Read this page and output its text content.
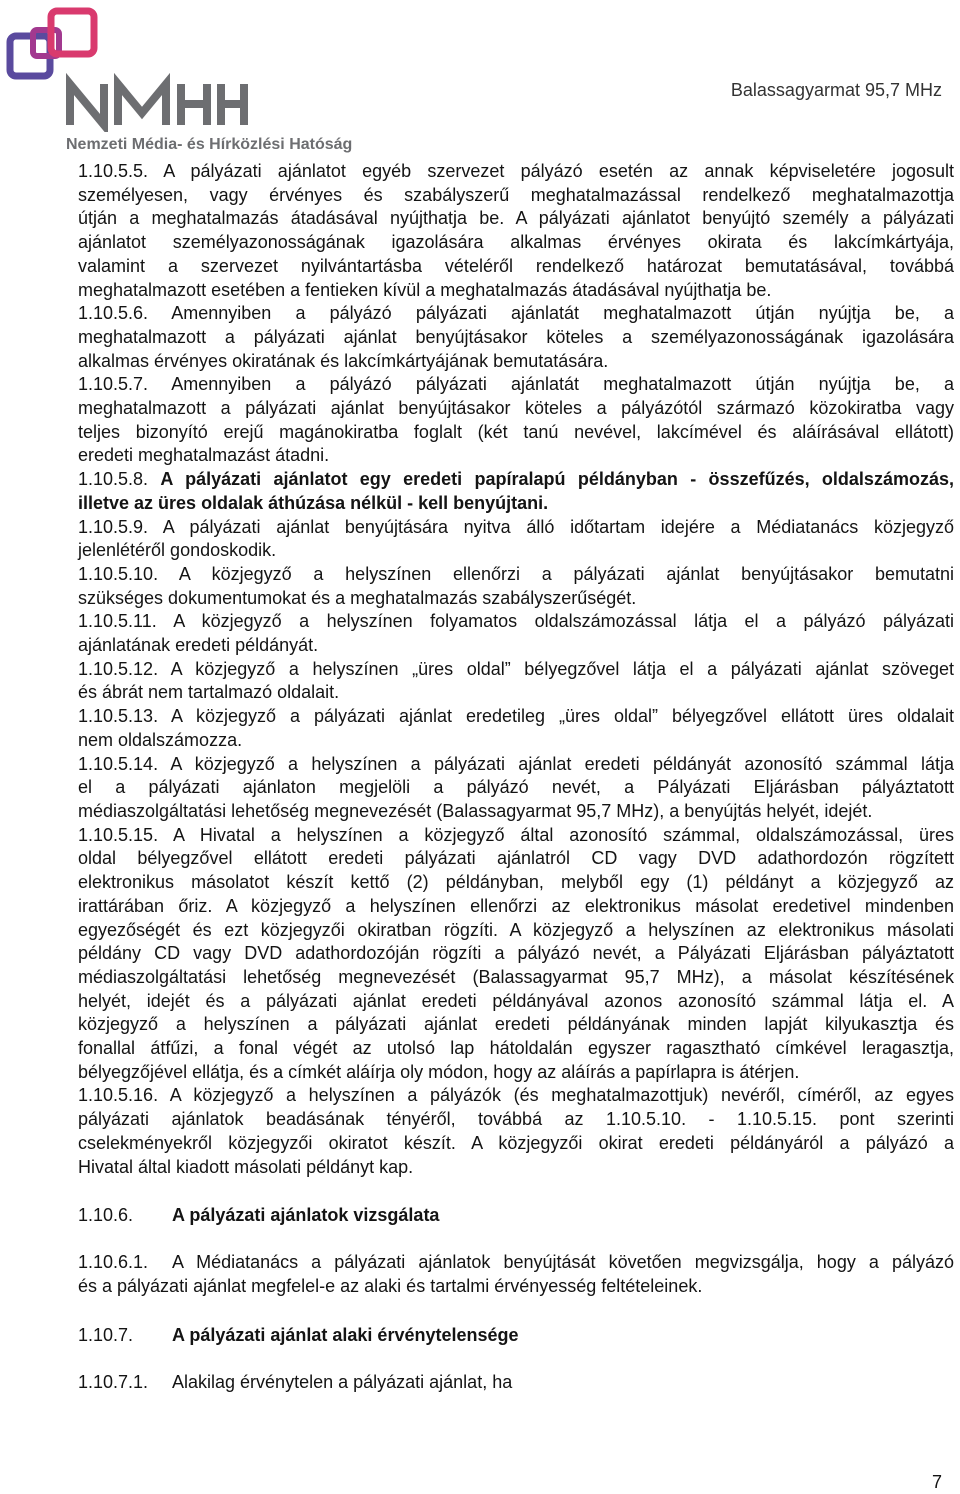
Nemzeti Média- és Hírközlési Hatóság
Balassagyarmat 95,7 MHz
1.10.5.5. A pályázati ajánlatot egyéb szervezet pályázó esetén az annak képviseletére jogosult
személyesen, vagy érvényes és szabályszerű meghatalmazással rendelkező meghatalmazottja
útján a meghatalmazás átadásával nyújthatja be. A pályázati ajánlatot benyújtó személy a pályázati
ajánlatot személyazonosságának igazolására alkalmas érvényes okirata és lakcímkártyája,
valamint a szervezet nyilvántartásba vételéről rendelkező határozat bemutatásával, továbbá
meghatalmazott esetében a fentieken kívül a meghatalmazás átadásával nyújthatja be.
1.10.5.6. Amennyiben a pályázó pályázati ajánlatát meghatalmazott útján nyújtja be, a
meghatalmazott a pályázati ajánlat benyújtásakor köteles a személyazonosságának igazolására
alkalmas érvényes okiratának és lakcímkártyájának bemutatására.
1.10.5.7. Amennyiben a pályázó pályázati ajánlatát meghatalmazott útján nyújtja be, a
meghatalmazott a pályázati ajánlat benyújtásakor köteles a pályázótól származó közokiratba vagy
teljes bizonyító erejű magánokiratba foglalt (két tanú nevével, lakcímével és aláírásával ellátott)
eredeti meghatalmazást átadni.
1.10.5.8. A pályázati ajánlatot egy eredeti papíralapú példányban - összefűzés, oldalszámozás,
illetve az üres oldalak áthúzása nélkül - kell benyújtani.
1.10.5.9. A pályázati ajánlat benyújtására nyitva álló időtartam idejére a Médiatanács közjegyző
jelenlétéről gondoskodik.
1.10.5.10. A közjegyző a helyszínen ellenőrzi a pályázati ajánlat benyújtásakor bemutatni
szükséges dokumentumokat és a meghatalmazás szabályszerűségét.
1.10.5.11. A közjegyző a helyszínen folyamatos oldalszámozással látja el a pályázó pályázati
ajánlatának eredeti példányát.
1.10.5.12. A közjegyző a helyszínen „üres oldal” bélyegzővel látja el a pályázati ajánlat szöveget
és ábrát nem tartalmazó oldalait.
1.10.5.13. A közjegyző a pályázati ajánlat eredetileg „üres oldal” bélyegzővel ellátott üres oldalait
nem oldalszámozza.
1.10.5.14. A közjegyző a helyszínen a pályázati ajánlat eredeti példányát azonosító számmal látja
el a pályázati ajánlaton megjelöli a pályázó nevét, a Pályázati Eljárásban pályáztatott
médiaszolgáltatási lehetőség megnevezését (Balassagyarmat 95,7 MHz), a benyújtás helyét, idejét.
1.10.5.15. A Hivatal a helyszínen a közjegyző által azonosító számmal, oldalszámozással, üres
oldal bélyegzővel ellátott eredeti pályázati ajánlatról CD vagy DVD adathordozón rögzített
elektronikus másolatot készít kettő (2) példányban, melyből egy (1) példányt a közjegyző az
irattárában őriz. A közjegyző a helyszínen ellenőrzi az elektronikus másolat eredetivel mindenben
egyezőségét és ezt közjegyzői okiratban rögzíti. A közjegyző a helyszínen az elektronikus másolati
példány CD vagy DVD adathordozóján rögzíti a pályázó nevét, a Pályázati Eljárásban pályáztatott
médiaszolgáltatási lehetőség megnevezését (Balassagyarmat 95,7 MHz), a másolat készítésének
helyét, idejét és a pályázati ajánlat eredeti példányával azonos azonosító számmal látja el. A
közjegyző a helyszínen a pályázati ajánlat eredeti példányának minden lapját kilyukasztja és
fonallal átfűzi, a fonal végét az utolsó lap hátoldalán egyszer ragasztható címkével leragasztja,
bélyegzőjével ellátja, és a címkét aláírja oly módon, hogy az aláírás a papírlapra is átérjen.
1.10.5.16. A közjegyző a helyszínen a pályázók (és meghatalmazottjuk) nevéről, címéről, az egyes
pályázati ajánlatok beadásának tényéről, továbbá az 1.10.5.10. - 1.10.5.15. pont szerinti
cselekményekről közjegyzői okiratot készít. A közjegyzői okirat eredeti példányáról a pályázó a
Hivatal által kiadott másolati példányt kap.
1.10.6. A pályázati ajánlatok vizsgálata
1.10.6.1. A Médiatanács a pályázati ajánlatok benyújtását követően megvizsgálja, hogy a pályázó
és a pályázati ajánlat megfelel-e az alaki és tartalmi érvényesség feltételeinek.
1.10.7. A pályázati ajánlat alaki érvénytelensége
1.10.7.1. Alakilag érvénytelen a pályázati ajánlat, ha
7
